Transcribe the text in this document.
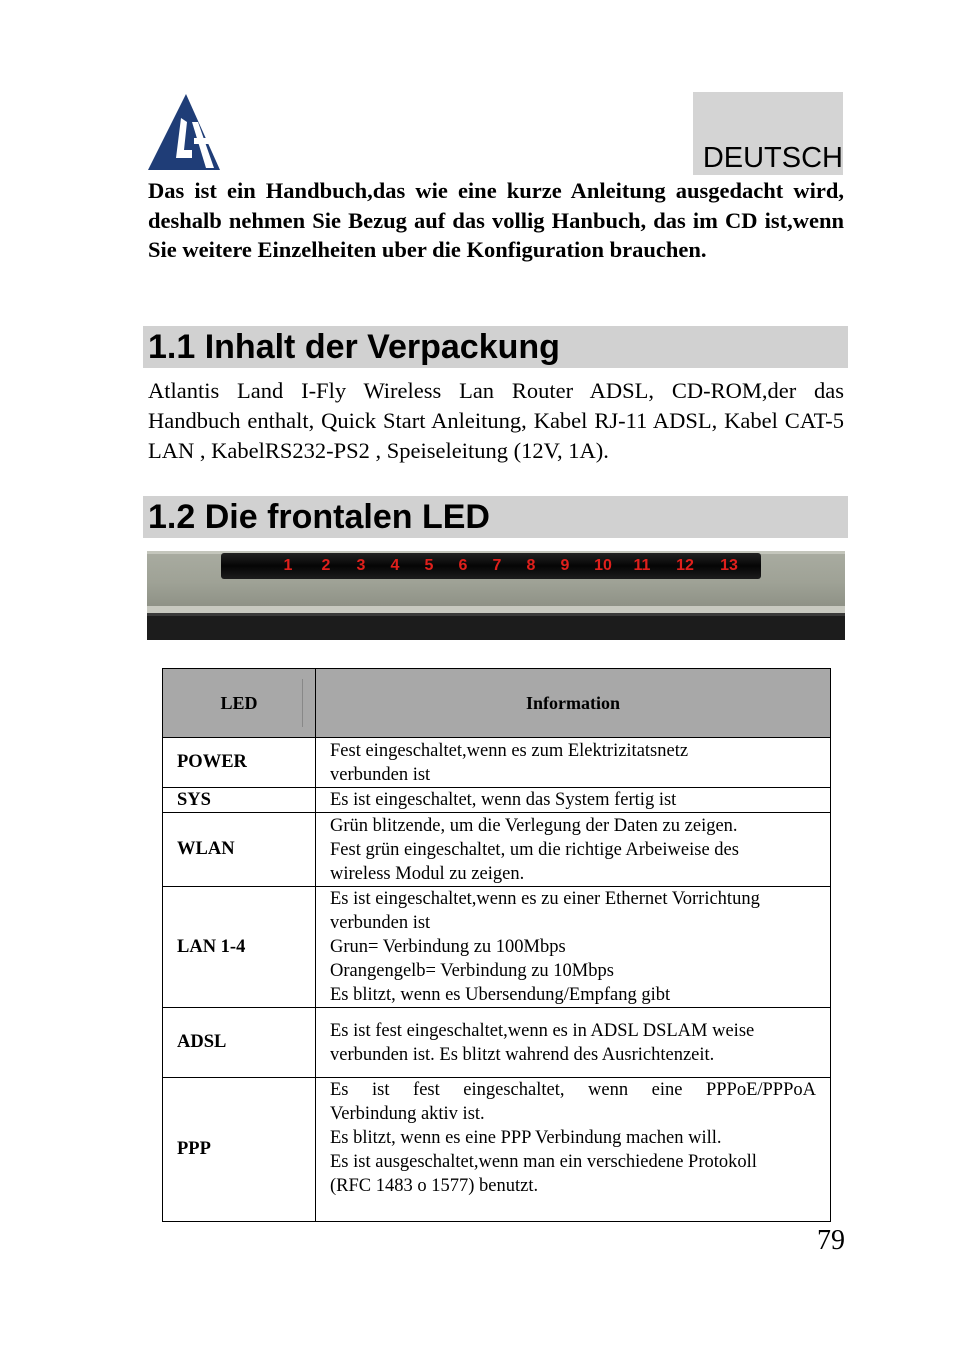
DEUTSCH

Das ist ein Handbuch,das wie eine kurze Anleitung ausgedacht wird, deshalb nehmen Sie Bezug auf das vollig Hanbuch, das im CD ist,wenn Sie weitere Einzelheiten uber die Konfiguration brauchen.

1.1 Inhalt der Verpackung

Atlantis Land I-Fly Wireless Lan Router ADSL, CD-ROM,der das Handbuch enthalt, Quick Start Anleitung, Kabel RJ-11 ADSL, Kabel CAT-5 LAN , KabelRS232-PS2 , Speiseleitung (12V, 1A).

1.2 Die frontalen LED
1 2 3 4 5 6 7 8 9 10 11 12 13
LED	Information
POWER	Fest eingeschaltet,wenn es zum Elektrizitatsnetz
verbunden ist

SYS	Es ist eingeschaltet, wenn das System fertig ist

WLAN	Grün blitzende, um die Verlegung der Daten zu zeigen.
Fest grün eingeschaltet, um die richtige Arbeiweise des
wireless Modul zu zeigen.

LAN 1-4	Es ist eingeschaltet,wenn es zu einer Ethernet Vorrichtung
verbunden ist
Grun= Verbindung zu 100Mbps
Orangengelb= Verbindung zu 10Mbps
Es blitzt, wenn es Ubersendung/Empfang gibt

ADSL	Es ist fest eingeschaltet,wenn es in ADSL DSLAM weise
verbunden ist. Es blitzt wahrend des Ausrichtenzeit.

PPP	Es ist fest eingeschaltet, wenn eine PPPoE/PPPoA
Verbindung aktiv ist.
Es blitzt, wenn es eine PPP Verbindung machen will.
Es ist ausgeschaltet,wenn man ein verschiedene Protokoll
(RFC 1483 o 1577) benutzt.
79
